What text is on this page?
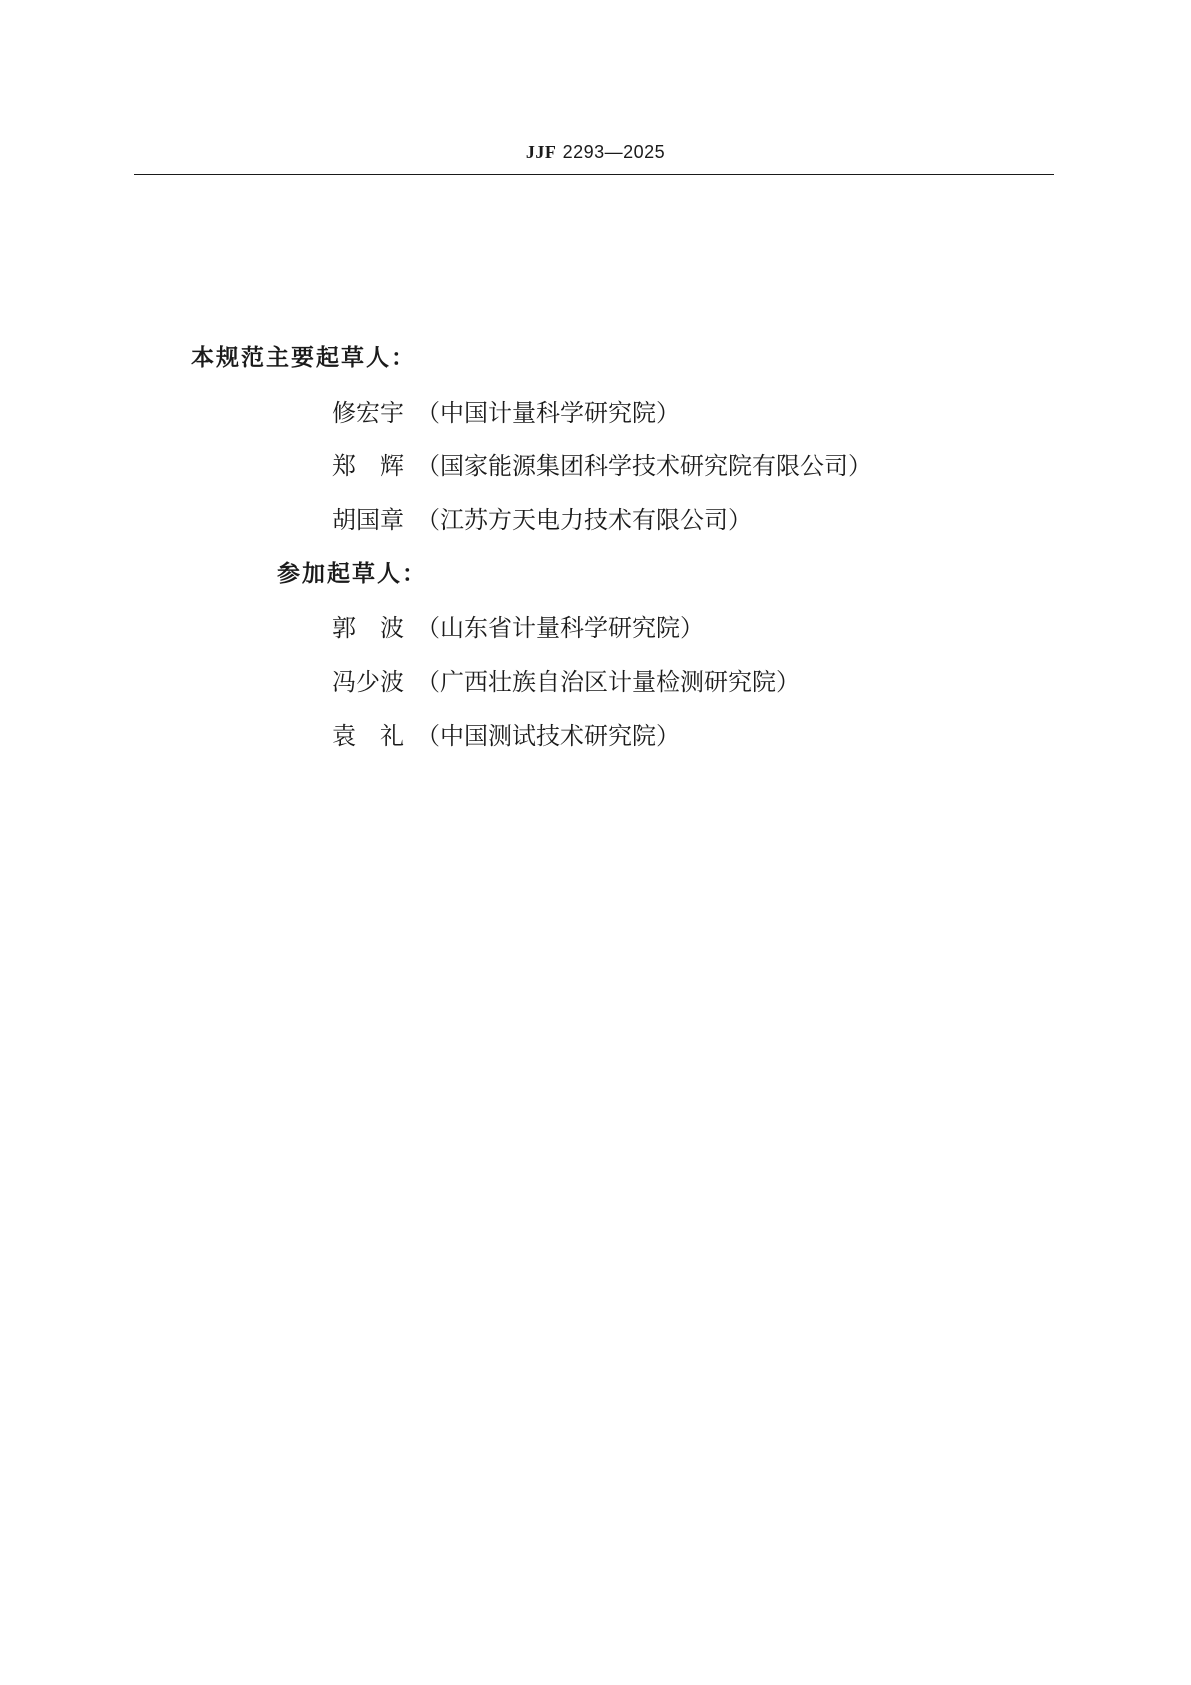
JJF 2293—2025
本规范主要起草人：
修宏宇 （中国计量科学研究院）
郑　辉 （国家能源集团科学技术研究院有限公司）
胡国章 （江苏方天电力技术有限公司）
参加起草人：
郭　波 （山东省计量科学研究院）
冯少波 （广西壮族自治区计量检测研究院）
袁　礼 （中国测试技术研究院）
